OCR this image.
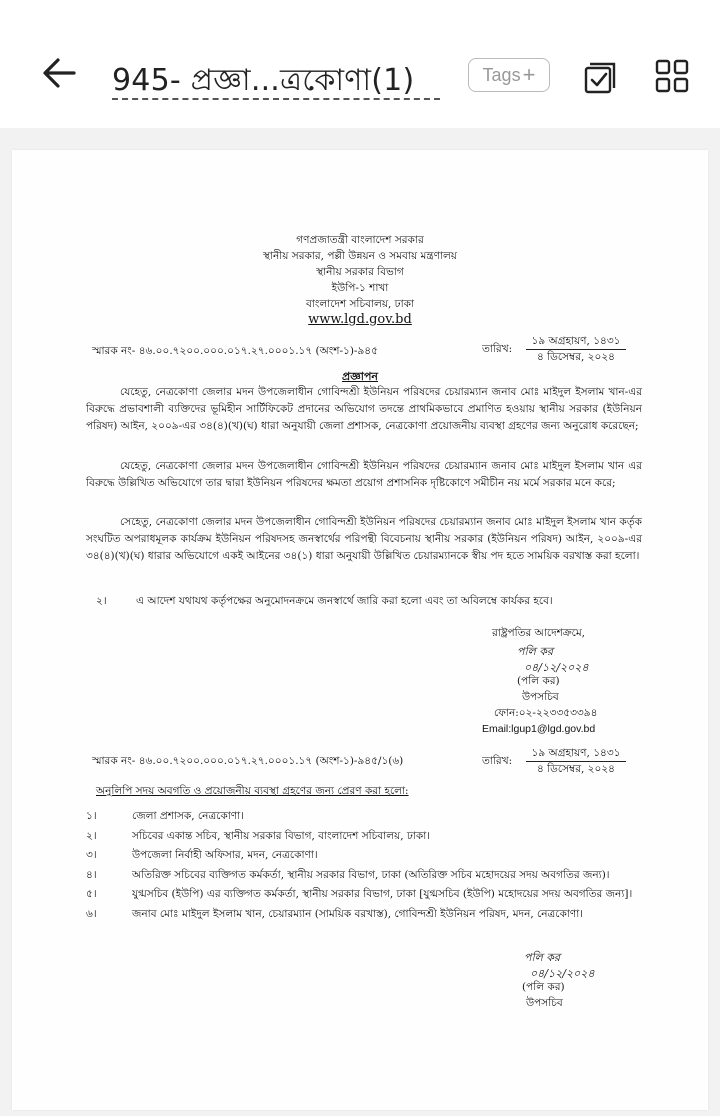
945- প্রজ্ঞা...ত্রকোণা(1)	Tags +
গণপ্রজাতন্ত্রী বাংলাদেশ সরকার
স্থানীয় সরকার, পল্লী উন্নয়ন ও সমবায় মন্ত্রণালয়
স্থানীয় সরকার বিভাগ
ইউপি-১ শাখা
বাংলাদেশ সচিবালয়, ঢাকা
www.lgd.gov.bd
স্মারক নং- ৪৬.০০.৭২০০.০০০.০১৭.২৭.০০০১.১৭ (অংশ-১)-৯৪৫	তারিখ:
১৯ অগ্রহায়ণ, ১৪৩১
৪ ডিসেম্বর, ২০২৪
প্রজ্ঞাপন
যেহেতু, নেত্রকোণা জেলার মদন উপজেলাধীন গোবিন্দশ্রী ইউনিয়ন পরিষদের চেয়ারম্যান জনাব মোঃ মাইদুল ইসলাম খান-এর বিরুদ্ধে প্রভাবশালী ব্যক্তিদের ভূমিহীন সার্টিফিকেট প্রদানের অভিযোগ তদন্তে প্রাথমিকভাবে প্রমাণিত হওয়ায় স্থানীয় সরকার (ইউনিয়ন পরিষদ) আইন, ২০০৯-এর ৩৪(৪)(খ)(ঘ) ধারা অনুযায়ী জেলা প্রশাসক, নেত্রকোণা প্রয়োজনীয় ব্যবস্থা গ্রহণের জন্য অনুরোধ করেছেন;
যেহেতু, নেত্রকোণা জেলার মদন উপজেলাধীন গোবিন্দশ্রী ইউনিয়ন পরিষদের চেয়ারম্যান জনাব মোঃ মাইদুল ইসলাম খান এর বিরুদ্ধে উল্লিখিত অভিযোগে তার দ্বারা ইউনিয়ন পরিষদের ক্ষমতা প্রয়োগ প্রশাসনিক দৃষ্টিকোণে সমীচীন নয় মর্মে সরকার মনে করে;
সেহেতু, নেত্রকোণা জেলার মদন উপজেলাধীন গোবিন্দশ্রী ইউনিয়ন পরিষদের চেয়ারম্যান জনাব মোঃ মাইদুল ইসলাম খান কর্তৃক সংঘটিত অপরাধমূলক কার্যক্রম ইউনিয়ন পরিষদসহ জনস্বার্থের পরিপন্থী বিবেচনায় স্থানীয় সরকার (ইউনিয়ন পরিষদ) আইন, ২০০৯-এর ৩৪(৪)(খ)(ঘ) ধারার অভিযোগে একই আইনের ৩৪(১) ধারা অনুযায়ী উল্লিখিত চেয়ারম্যানকে স্বীয় পদ হতে সাময়িক বরখাস্ত করা হলো।
২।	এ আদেশ যথাযথ কর্তৃপক্ষের অনুমোদনক্রমে জনস্বার্থে জারি করা হলো এবং তা অবিলম্বে কার্যকর হবে।
রাষ্ট্রপতির আদেশক্রমে,
পলি কর
০৪/১২/২০২৪
(পলি কর)
উপসচিব
ফোন:০২-২২৩৩৫৩৩৯৪
Email:lgup1@lgd.gov.bd
স্মারক নং- ৪৬.০০.৭২০০.০০০.০১৭.২৭.০০০১.১৭ (অংশ-১)-৯৪৫/১(৬)	তারিখ:
১৯ অগ্রহায়ণ, ১৪৩১
৪ ডিসেম্বর, ২০২৪
অনুলিপি সদয় অবগতি ও প্রয়োজনীয় ব্যবস্থা গ্রহণের জন্য প্রেরণ করা হলো:
১।	জেলা প্রশাসক, নেত্রকোণা।
২।	সচিবের একান্ত সচিব, স্থানীয় সরকার বিভাগ, বাংলাদেশ সচিবালয়, ঢাকা।
৩।	উপজেলা নির্বাহী অফিসার, মদন, নেত্রকোণা।
৪।	অতিরিক্ত সচিবের ব্যক্তিগত কর্মকর্তা, স্থানীয় সরকার বিভাগ, ঢাকা (অতিরিক্ত সচিব মহোদয়ের সদয় অবগতির জন্য)।
৫।	যুগ্মসচিব (ইউপি) এর ব্যক্তিগত কর্মকর্তা, স্থানীয় সরকার বিভাগ, ঢাকা [যুগ্মসচিব (ইউপি) মহোদয়ের সদয় অবগতির জন্য]।
৬।	জনাব মোঃ মাইদুল ইসলাম খান, চেয়ারম্যান (সাময়িক বরখাস্ত), গোবিন্দশ্রী ইউনিয়ন পরিষদ, মদন, নেত্রকোণা।
পলি কর
০৪/১২/২০২৪
(পলি কর)
উপসচিব
